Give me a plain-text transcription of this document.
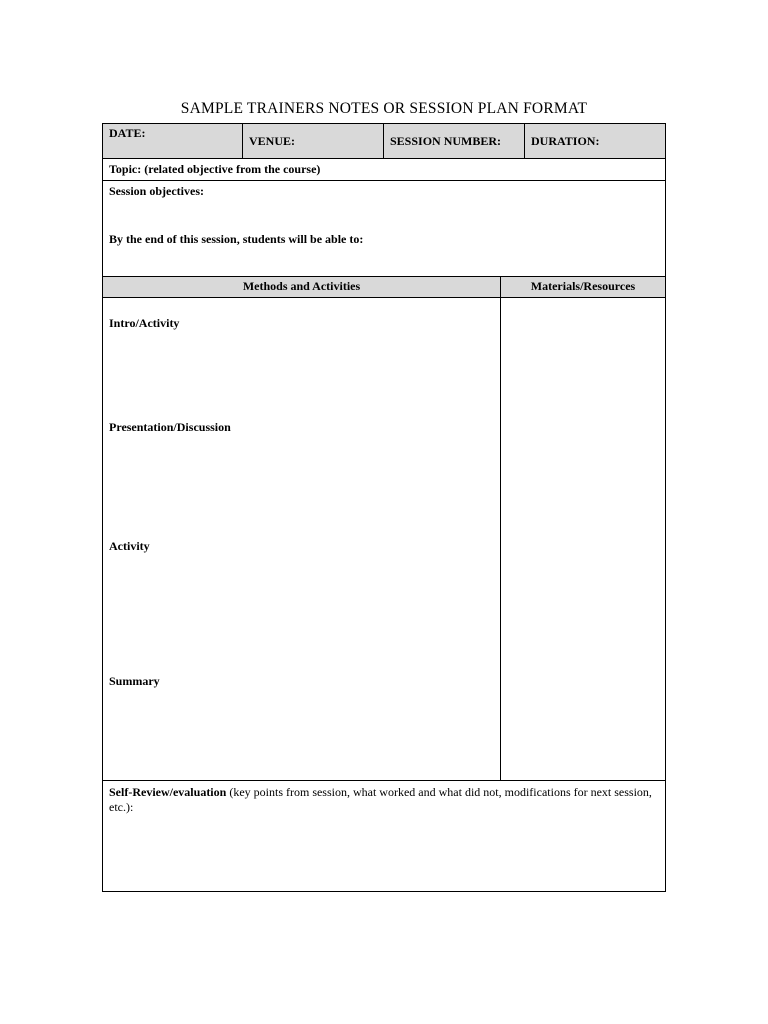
SAMPLE TRAINERS NOTES OR SESSION PLAN FORMAT
DATE:
VENUE:	SESSION NUMBER: DURATION:
Topic: (related objective from the course)
Session objectives:
By the end of this session, students will be able to:
Methods and Activities	Materials/Resources
Intro/Activity
Presentation/Discussion
Activity
Summary
Self-Review/evaluation (key points from session, what worked and what did not, modifications for next session, etc.):
